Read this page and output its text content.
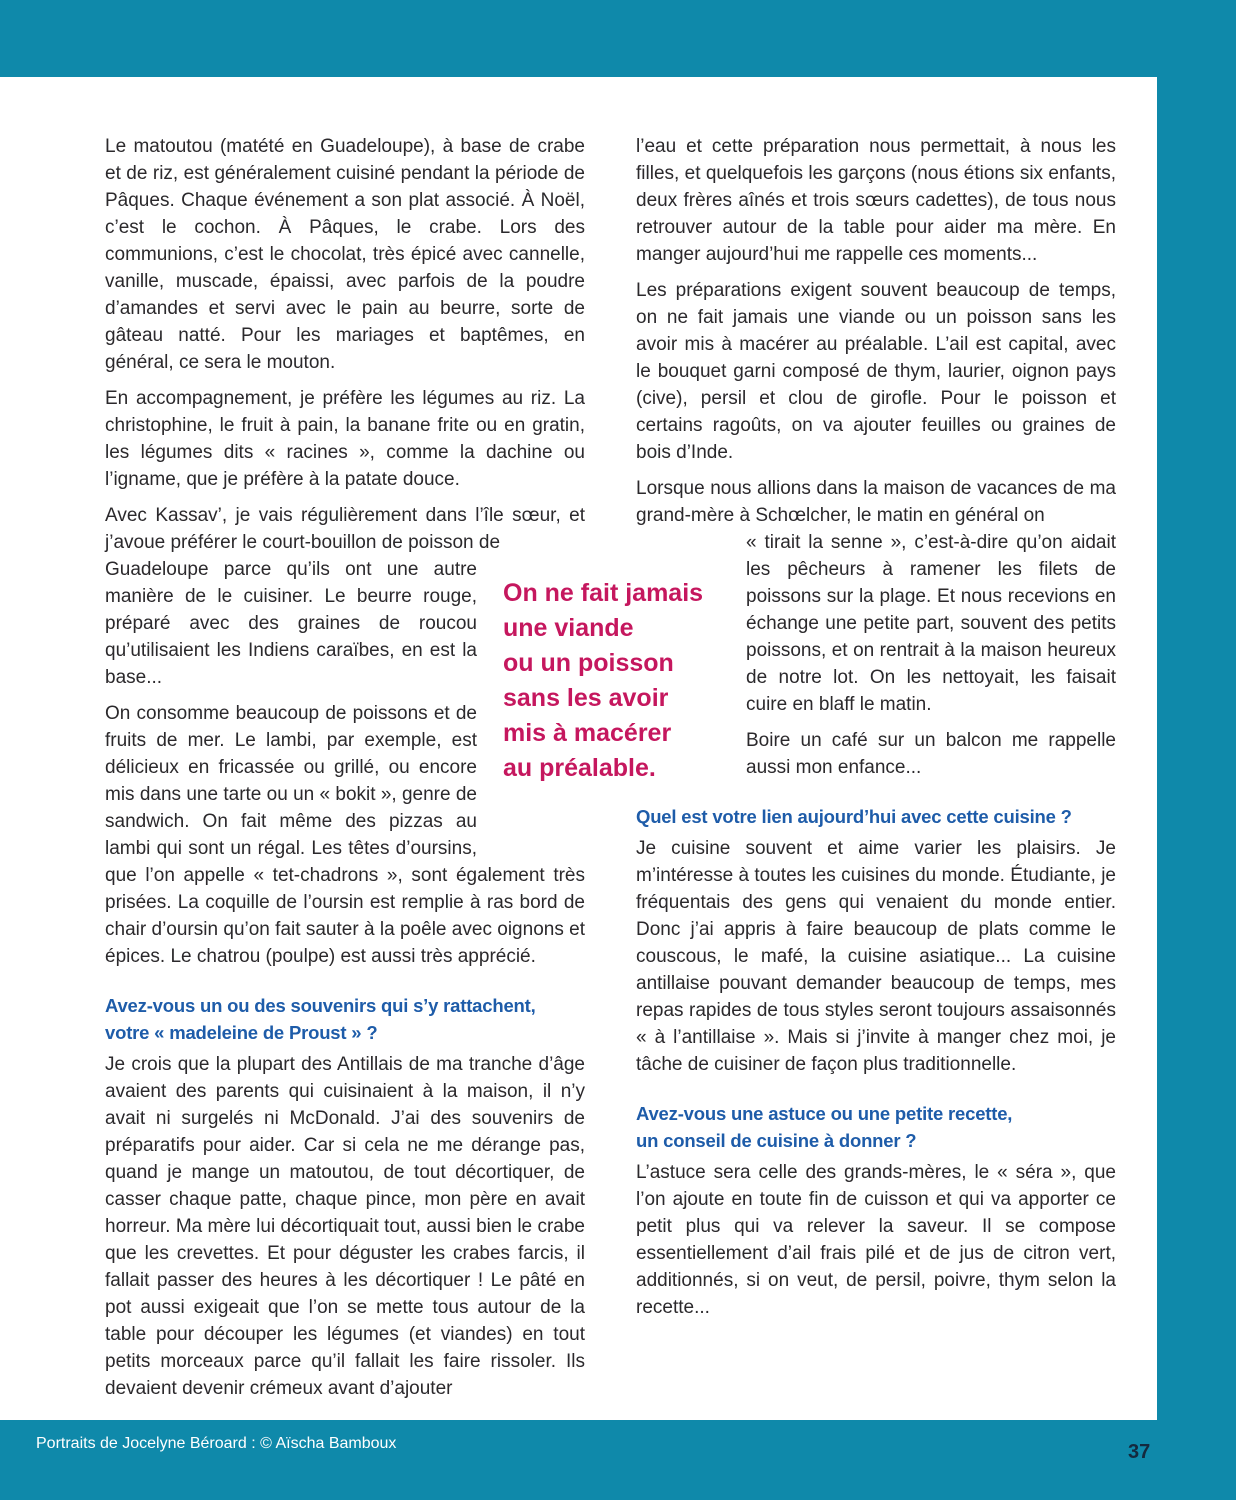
Le matoutou (matété en Guadeloupe), à base de crabe et de riz, est généralement cuisiné pendant la période de Pâques. Chaque événement a son plat associé. À Noël, c’est le cochon. À Pâques, le crabe. Lors des communions, c’est le chocolat, très épicé avec cannelle, vanille, muscade, épaissi, avec parfois de la poudre d’amandes et servi avec le pain au beurre, sorte de gâteau natté. Pour les mariages et baptêmes, en général, ce sera le mouton.

En accompagnement, je préfère les légumes au riz. La christophine, le fruit à pain, la banane frite ou en gratin, les légumes dits « racines », comme la dachine ou l’igname, que je préfère à la patate douce.

Avec Kassav’, je vais régulièrement dans l’île sœur, et j’avoue préférer le court-bouillon de poisson de

Guadeloupe parce qu’ils ont une autre manière de le cuisiner. Le beurre rouge, préparé avec des graines de roucou qu’utilisaient les Indiens caraïbes, en est la base...

On consomme beaucoup de poissons et de fruits de mer. Le lambi, par exemple, est délicieux en fricassée ou grillé, ou encore mis dans une tarte ou un « bokit », genre de sandwich. On fait même des pizzas au lambi qui sont un régal. Les têtes d’oursins, que l’on appelle « tet-chadrons », sont également très prisées. La coquille de l’oursin est remplie à ras bord de chair d’oursin qu’on fait sauter à la poêle avec oignons et épices. Le chatrou (poulpe) est aussi très apprécié.

Avez-vous un ou des souvenirs qui s’y rattachent,
votre « madeleine de Proust » ?

Je crois que la plupart des Antillais de ma tranche d’âge avaient des parents qui cuisinaient à la maison, il n’y avait ni surgelés ni McDonald. J’ai des souvenirs de préparatifs pour aider. Car si cela ne me dérange pas, quand je mange un matoutou, de tout décortiquer, de casser chaque patte, chaque pince, mon père en avait horreur. Ma mère lui décortiquait tout, aussi bien le crabe que les crevettes. Et pour déguster les crabes farcis, il fallait passer des heures à les décortiquer ! Le pâté en pot aussi exigeait que l’on se mette tous autour de la table pour découper les légumes (et viandes) en tout petits morceaux parce qu’il fallait les faire rissoler. Ils devaient devenir crémeux avant d’ajouter

l’eau et cette préparation nous permettait, à nous les filles, et quelquefois les garçons (nous étions six enfants, deux frères aînés et trois sœurs cadettes), de tous nous retrouver autour de la table pour aider ma mère. En manger aujourd’hui me rappelle ces moments...

Les préparations exigent souvent beaucoup de temps, on ne fait jamais une viande ou un poisson sans les avoir mis à macérer au préalable. L’ail est capital, avec le bouquet garni composé de thym, laurier, oignon pays (cive), persil et clou de girofle. Pour le poisson et certains ragoûts, on va ajouter feuilles ou graines de bois d’Inde.

Lorsque nous allions dans la maison de vacances de ma grand-mère à Schœlcher, le matin en général on

« tirait la senne », c’est-à-dire qu’on aidait les pêcheurs à ramener les filets de poissons sur la plage. Et nous recevions en échange une petite part, souvent des petits poissons, et on rentrait à la maison heureux de notre lot. On les nettoyait, les faisait cuire en blaff le matin.

Boire un café sur un balcon me rappelle aussi mon enfance...

Quel est votre lien aujourd’hui avec cette cuisine ?

Je cuisine souvent et aime varier les plaisirs. Je m’intéresse à toutes les cuisines du monde. Étudiante, je fréquentais des gens qui venaient du monde entier. Donc j’ai appris à faire beaucoup de plats comme le couscous, le mafé, la cuisine asiatique... La cuisine antillaise pouvant demander beaucoup de temps, mes repas rapides de tous styles seront toujours assaisonnés « à l’antillaise ». Mais si j’invite à manger chez moi, je tâche de cuisiner de façon plus traditionnelle.

Avez-vous une astuce ou une petite recette,
un conseil de cuisine à donner ?

L’astuce sera celle des grands-mères, le « séra », que l’on ajoute en toute fin de cuisson et qui va apporter ce petit plus qui va relever la saveur. Il se compose essentiellement d’ail frais pilé et de jus de citron vert, additionnés, si on veut, de persil, poivre, thym selon la recette...

On ne fait jamais
une viande
ou un poisson
sans les avoir
mis à macérer
au préalable.
Portraits de Jocelyne Béroard : © Aïscha Bamboux	37
